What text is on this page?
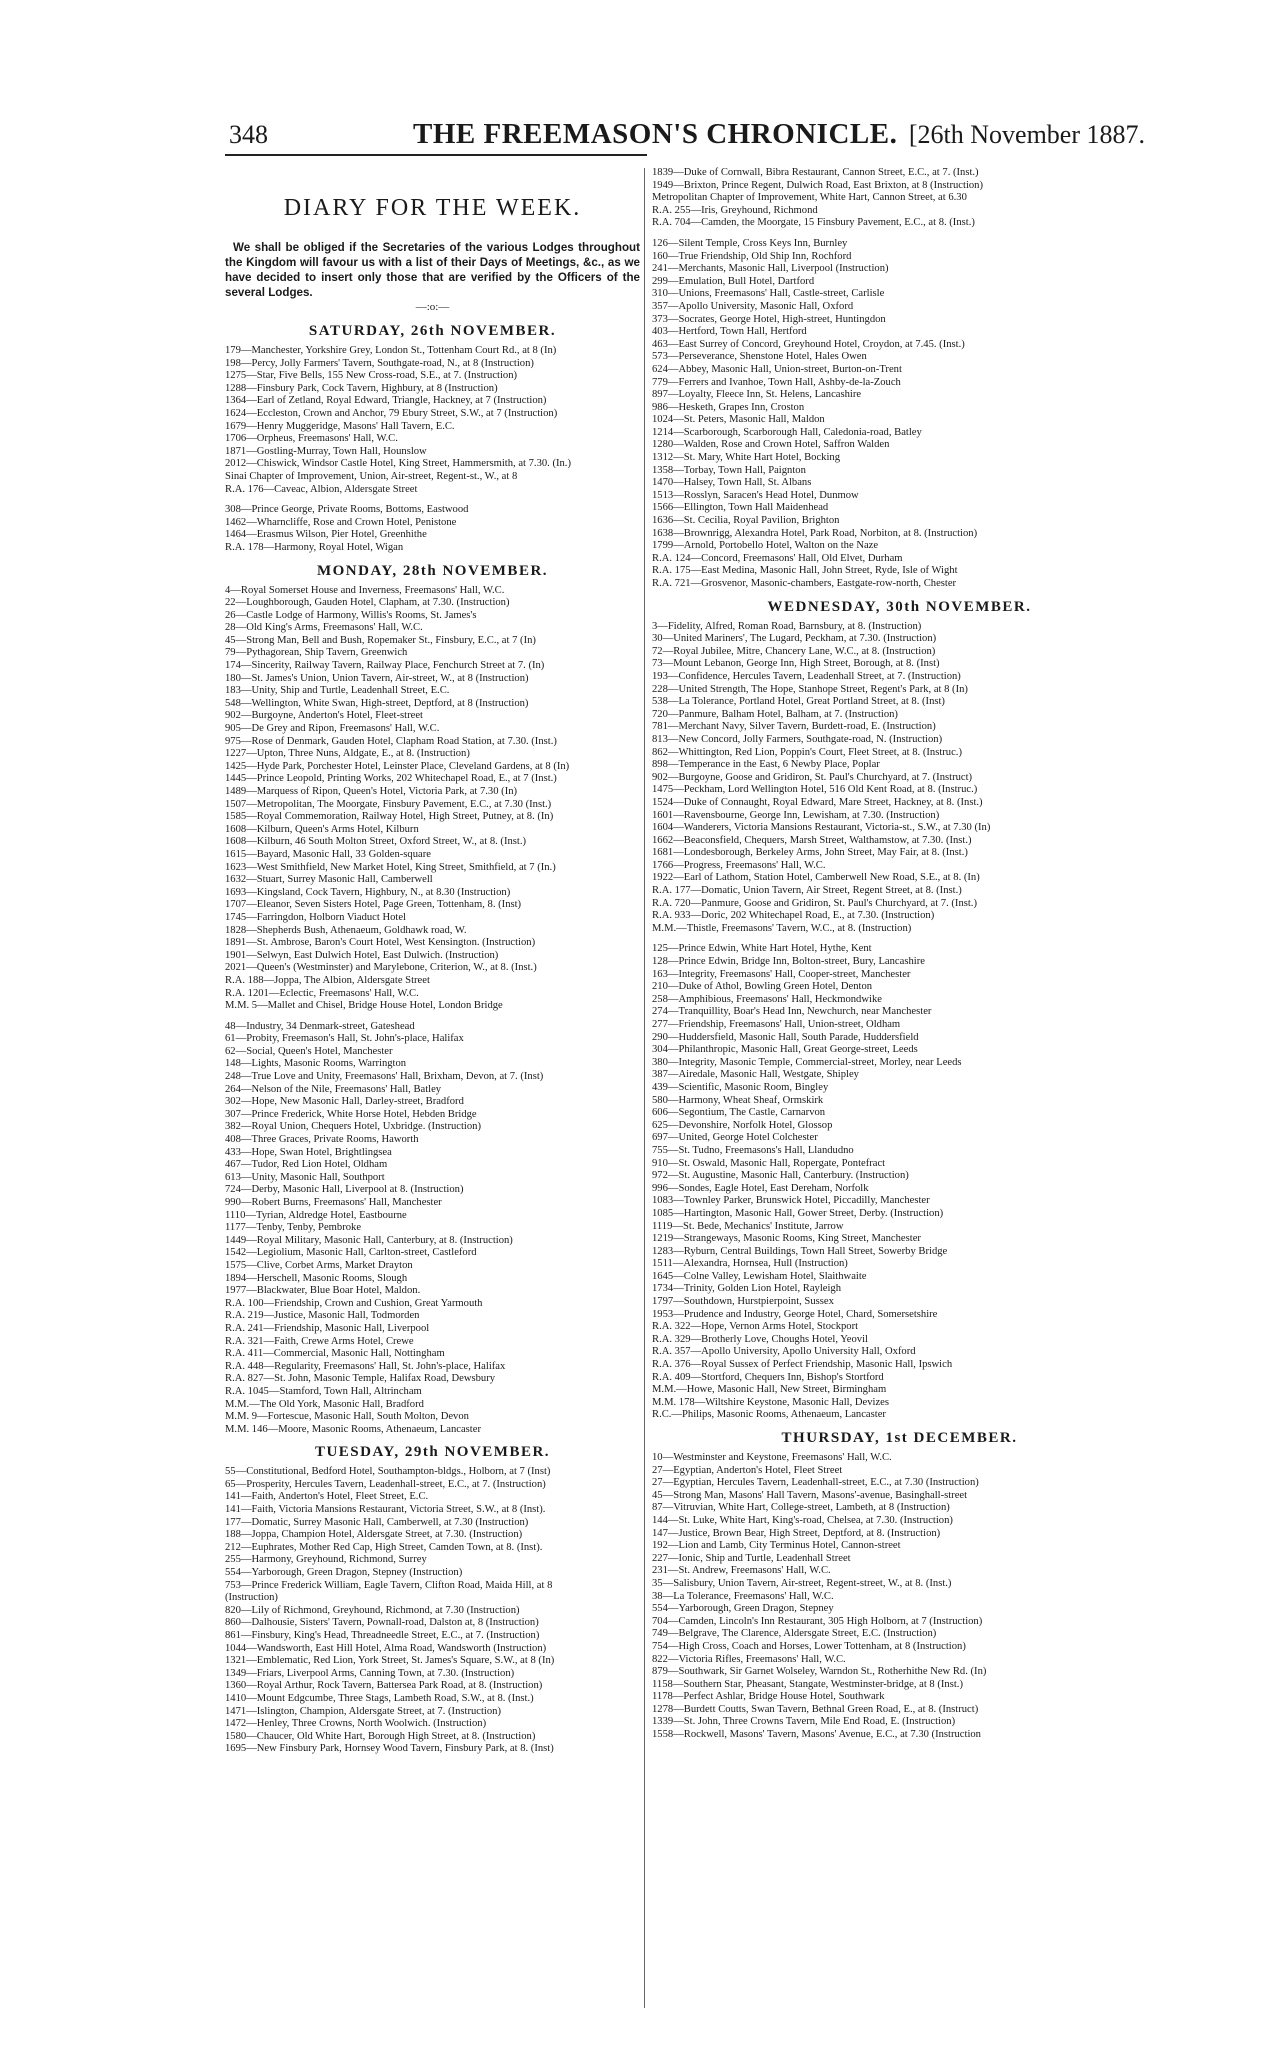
348	THE FREEMASON'S CHRONICLE. [26th November 1887.
DIARY FOR THE WEEK.

We shall be obliged if the Secretaries of the various Lodges throughout the Kingdom will favour us with a list of their Days of Meetings, &c., as we have decided to insert only those that are verified by the Officers of the several Lodges.

—:o:—
SATURDAY, 26th NOVEMBER.
179—Manchester, Yorkshire Grey, London St., Tottenham Court Rd., at 8 (In)
198—Percy, Jolly Farmers' Tavern, Southgate-road, N., at 8 (Instruction)
1275—Star, Five Bells, 155 New Cross-road, S.E., at 7. (Instruction)
1288—Finsbury Park, Cock Tavern, Highbury, at 8 (Instruction)
1364—Earl of Zetland, Royal Edward, Triangle, Hackney, at 7 (Instruction)
1624—Eccleston, Crown and Anchor, 79 Ebury Street, S.W., at 7 (Instruction)
1679—Henry Muggeridge, Masons' Hall Tavern, E.C.
1706—Orpheus, Freemasons' Hall, W.C.
1871—Gostling-Murray, Town Hall, Hounslow
2012—Chiswick, Windsor Castle Hotel, King Street, Hammersmith, at 7.30. (In.)
Sinai Chapter of Improvement, Union, Air-street, Regent-st., W., at 8
R.A. 176—Caveac, Albion, Aldersgate Street
308—Prince George, Private Rooms, Bottoms, Eastwood
1462—Wharncliffe, Rose and Crown Hotel, Penistone
1464—Erasmus Wilson, Pier Hotel, Greenhithe
R.A. 178—Harmony, Royal Hotel, Wigan
MONDAY, 28th NOVEMBER.
4—Royal Somerset House and Inverness, Freemasons' Hall, W.C.
22—Loughborough, Gauden Hotel, Clapham, at 7.30. (Instruction)
26—Castle Lodge of Harmony, Willis's Rooms, St. James's
28—Old King's Arms, Freemasons' Hall, W.C.
45—Strong Man, Bell and Bush, Ropemaker St., Finsbury, E.C., at 7 (In)
79—Pythagorean, Ship Tavern, Greenwich
174—Sincerity, Railway Tavern, Railway Place, Fenchurch Street at 7. (In)
180—St. James's Union, Union Tavern, Air-street, W., at 8 (Instruction)
183—Unity, Ship and Turtle, Leadenhall Street, E.C.
548—Wellington, White Swan, High-street, Deptford, at 8 (Instruction)
902—Burgoyne, Anderton's Hotel, Fleet-street
905—De Grey and Ripon, Freemasons' Hall, W.C.
975—Rose of Denmark, Gauden Hotel, Clapham Road Station, at 7.30. (Inst.)
1227—Upton, Three Nuns, Aldgate, E., at 8. (Instruction)
1425—Hyde Park, Porchester Hotel, Leinster Place, Cleveland Gardens, at 8 (In)
1445—Prince Leopold, Printing Works, 202 Whitechapel Road, E., at 7 (Inst.)
1489—Marquess of Ripon, Queen's Hotel, Victoria Park, at 7.30 (In)
1507—Metropolitan, The Moorgate, Finsbury Pavement, E.C., at 7.30 (Inst.)
1585—Royal Commemoration, Railway Hotel, High Street, Putney, at 8. (In)
1608—Kilburn, Queen's Arms Hotel, Kilburn
1608—Kilburn, 46 South Molton Street, Oxford Street, W., at 8. (Inst.)
1615—Bayard, Masonic Hall, 33 Golden-square
1623—West Smithfield, New Market Hotel, King Street, Smithfield, at 7 (In.)
1632—Stuart, Surrey Masonic Hall, Camberwell
1693—Kingsland, Cock Tavern, Highbury, N., at 8.30 (Instruction)
1707—Eleanor, Seven Sisters Hotel, Page Green, Tottenham, 8. (Inst)
1745—Farringdon, Holborn Viaduct Hotel
1828—Shepherds Bush, Athenaeum, Goldhawk road, W.
1891—St. Ambrose, Baron's Court Hotel, West Kensington. (Instruction)
1901—Selwyn, East Dulwich Hotel, East Dulwich. (Instruction)
2021—Queen's (Westminster) and Marylebone, Criterion, W., at 8. (Inst.)
R.A. 188—Joppa, The Albion, Aldersgate Street
R.A. 1201—Eclectic, Freemasons' Hall, W.C.
M.M. 5—Mallet and Chisel, Bridge House Hotel, London Bridge
48—Industry, 34 Denmark-street, Gateshead
61—Probity, Freemason's Hall, St. John's-place, Halifax
62—Social, Queen's Hotel, Manchester
148—Lights, Masonic Rooms, Warrington
248—True Love and Unity, Freemasons' Hall, Brixham, Devon, at 7. (Inst)
264—Nelson of the Nile, Freemasons' Hall, Batley
302—Hope, New Masonic Hall, Darley-street, Bradford
307—Prince Frederick, White Horse Hotel, Hebden Bridge
382—Royal Union, Chequers Hotel, Uxbridge. (Instruction)
408—Three Graces, Private Rooms, Haworth
433—Hope, Swan Hotel, Brightlingsea
467—Tudor, Red Lion Hotel, Oldham
613—Unity, Masonic Hall, Southport
724—Derby, Masonic Hall, Liverpool at 8. (Instruction)
990—Robert Burns, Freemasons' Hall, Manchester
1110—Tyrian, Aldredge Hotel, Eastbourne
1177—Tenby, Tenby, Pembroke
1449—Royal Military, Masonic Hall, Canterbury, at 8. (Instruction)
1542—Legiolium, Masonic Hall, Carlton-street, Castleford
1575—Clive, Corbet Arms, Market Drayton
1894—Herschell, Masonic Rooms, Slough
1977—Blackwater, Blue Boar Hotel, Maldon.
R.A. 100—Friendship, Crown and Cushion, Great Yarmouth
R.A. 219—Justice, Masonic Hall, Todmorden
R.A. 241—Friendship, Masonic Hall, Liverpool
R.A. 321—Faith, Crewe Arms Hotel, Crewe
R.A. 411—Commercial, Masonic Hall, Nottingham
R.A. 448—Regularity, Freemasons' Hall, St. John's-place, Halifax
R.A. 827—St. John, Masonic Temple, Halifax Road, Dewsbury
R.A. 1045—Stamford, Town Hall, Altrincham
M.M.—The Old York, Masonic Hall, Bradford
M.M. 9—Fortescue, Masonic Hall, South Molton, Devon
M.M. 146—Moore, Masonic Rooms, Athenaeum, Lancaster
TUESDAY, 29th NOVEMBER.
55—Constitutional, Bedford Hotel, Southampton-bldgs., Holborn, at 7 (Inst)
65—Prosperity, Hercules Tavern, Leadenhall-street, E.C., at 7. (Instruction)
141—Faith, Anderton's Hotel, Fleet Street, E.C.
141—Faith, Victoria Mansions Restaurant, Victoria Street, S.W., at 8 (Inst).
177—Domatic, Surrey Masonic Hall, Camberwell, at 7.30 (Instruction)
188—Joppa, Champion Hotel, Aldersgate Street, at 7.30. (Instruction)
212—Euphrates, Mother Red Cap, High Street, Camden Town, at 8. (Inst).
255—Harmony, Greyhound, Richmond, Surrey
554—Yarborough, Green Dragon, Stepney (Instruction)
753—Prince Frederick William, Eagle Tavern, Clifton Road, Maida Hill, at 8
(Instruction)
820—Lily of Richmond, Greyhound, Richmond, at 7.30 (Instruction)
860—Dalhousie, Sisters' Tavern, Pownall-road, Dalston at, 8 (Instruction)
861—Finsbury, King's Head, Threadneedle Street, E.C., at 7. (Instruction)
1044—Wandsworth, East Hill Hotel, Alma Road, Wandsworth (Instruction)
1321—Emblematic, Red Lion, York Street, St. James's Square, S.W., at 8 (In)
1349—Friars, Liverpool Arms, Canning Town, at 7.30. (Instruction)
1360—Royal Arthur, Rock Tavern, Battersea Park Road, at 8. (Instruction)
1410—Mount Edgcumbe, Three Stags, Lambeth Road, S.W., at 8. (Inst.)
1471—Islington, Champion, Aldersgate Street, at 7. (Instruction)
1472—Henley, Three Crowns, North Woolwich. (Instruction)
1580—Chaucer, Old White Hart, Borough High Street, at 8. (Instruction)
1695—New Finsbury Park, Hornsey Wood Tavern, Finsbury Park, at 8. (Inst)
1839—Duke of Cornwall, Bibra Restaurant, Cannon Street, E.C., at 7. (Inst.)
1949—Brixton, Prince Regent, Dulwich Road, East Brixton, at 8 (Instruction)
Metropolitan Chapter of Improvement, White Hart, Cannon Street, at 6.30
R.A. 255—Iris, Greyhound, Richmond
R.A. 704—Camden, the Moorgate, 15 Finsbury Pavement, E.C., at 8. (Inst.)
126—Silent Temple, Cross Keys Inn, Burnley
160—True Friendship, Old Ship Inn, Rochford
241—Merchants, Masonic Hall, Liverpool (Instruction)
299—Emulation, Bull Hotel, Dartford
310—Unions, Freemasons' Hall, Castle-street, Carlisle
357—Apollo University, Masonic Hall, Oxford
373—Socrates, George Hotel, High-street, Huntingdon
403—Hertford, Town Hall, Hertford
463—East Surrey of Concord, Greyhound Hotel, Croydon, at 7.45. (Inst.)
573—Perseverance, Shenstone Hotel, Hales Owen
624—Abbey, Masonic Hall, Union-street, Burton-on-Trent
779—Ferrers and Ivanhoe, Town Hall, Ashby-de-la-Zouch
897—Loyalty, Fleece Inn, St. Helens, Lancashire
986—Hesketh, Grapes Inn, Croston
1024—St. Peters, Masonic Hall, Maldon
1214—Scarborough, Scarborough Hall, Caledonia-road, Batley
1280—Walden, Rose and Crown Hotel, Saffron Walden
1312—St. Mary, White Hart Hotel, Bocking
1358—Torbay, Town Hall, Paignton
1470—Halsey, Town Hall, St. Albans
1513—Rosslyn, Saracen's Head Hotel, Dunmow
1566—Ellington, Town Hall Maidenhead
1636—St. Cecilia, Royal Pavilion, Brighton
1638—Brownrigg, Alexandra Hotel, Park Road, Norbiton, at 8. (Instruction)
1799—Arnold, Portobello Hotel, Walton on the Naze
R.A. 124—Concord, Freemasons' Hall, Old Elvet, Durham
R.A. 175—East Medina, Masonic Hall, John Street, Ryde, Isle of Wight
R.A. 721—Grosvenor, Masonic-chambers, Eastgate-row-north, Chester
WEDNESDAY, 30th NOVEMBER.
3—Fidelity, Alfred, Roman Road, Barnsbury, at 8. (Instruction)
30—United Mariners', The Lugard, Peckham, at 7.30. (Instruction)
72—Royal Jubilee, Mitre, Chancery Lane, W.C., at 8. (Instruction)
73—Mount Lebanon, George Inn, High Street, Borough, at 8. (Inst)
193—Confidence, Hercules Tavern, Leadenhall Street, at 7. (Instruction)
228—United Strength, The Hope, Stanhope Street, Regent's Park, at 8 (In)
538—La Tolerance, Portland Hotel, Great Portland Street, at 8. (Inst)
720—Panmure, Balham Hotel, Balham, at 7. (Instruction)
781—Merchant Navy, Silver Tavern, Burdett-road, E. (Instruction)
813—New Concord, Jolly Farmers, Southgate-road, N. (Instruction)
862—Whittington, Red Lion, Poppin's Court, Fleet Street, at 8. (Instruc.)
898—Temperance in the East, 6 Newby Place, Poplar
902—Burgoyne, Goose and Gridiron, St. Paul's Churchyard, at 7. (Instruct)
1475—Peckham, Lord Wellington Hotel, 516 Old Kent Road, at 8. (Instruc.)
1524—Duke of Connaught, Royal Edward, Mare Street, Hackney, at 8. (Inst.)
1601—Ravensbourne, George Inn, Lewisham, at 7.30. (Instruction)
1604—Wanderers, Victoria Mansions Restaurant, Victoria-st., S.W., at 7.30 (In)
1662—Beaconsfield, Chequers, Marsh Street, Walthamstow, at 7.30. (Inst.)
1681—Londesborough, Berkeley Arms, John Street, May Fair, at 8. (Inst.)
1766—Progress, Freemasons' Hall, W.C.
1922—Earl of Lathom, Station Hotel, Camberwell New Road, S.E., at 8. (In)
R.A. 177—Domatic, Union Tavern, Air Street, Regent Street, at 8. (Inst.)
R.A. 720—Panmure, Goose and Gridiron, St. Paul's Churchyard, at 7. (Inst.)
R.A. 933—Doric, 202 Whitechapel Road, E., at 7.30. (Instruction)
M.M.—Thistle, Freemasons' Tavern, W.C., at 8. (Instruction)
125—Prince Edwin, White Hart Hotel, Hythe, Kent
128—Prince Edwin, Bridge Inn, Bolton-street, Bury, Lancashire
163—Integrity, Freemasons' Hall, Cooper-street, Manchester
210—Duke of Athol, Bowling Green Hotel, Denton
258—Amphibious, Freemasons' Hall, Heckmondwike
274—Tranquillity, Boar's Head Inn, Newchurch, near Manchester
277—Friendship, Freemasons' Hall, Union-street, Oldham
290—Huddersfield, Masonic Hall, South Parade, Huddersfield
304—Philanthropic, Masonic Hall, Great George-street, Leeds
380—Integrity, Masonic Temple, Commercial-street, Morley, near Leeds
387—Airedale, Masonic Hall, Westgate, Shipley
439—Scientific, Masonic Room, Bingley
580—Harmony, Wheat Sheaf, Ormskirk
606—Segontium, The Castle, Carnarvon
625—Devonshire, Norfolk Hotel, Glossop
697—United, George Hotel Colchester
755—St. Tudno, Freemasons's Hall, Llandudno
910—St. Oswald, Masonic Hall, Ropergate, Pontefract
972—St. Augustine, Masonic Hall, Canterbury. (Instruction)
996—Sondes, Eagle Hotel, East Dereham, Norfolk
1083—Townley Parker, Brunswick Hotel, Piccadilly, Manchester
1085—Hartington, Masonic Hall, Gower Street, Derby. (Instruction)
1119—St. Bede, Mechanics' Institute, Jarrow
1219—Strangeways, Masonic Rooms, King Street, Manchester
1283—Ryburn, Central Buildings, Town Hall Street, Sowerby Bridge
1511—Alexandra, Hornsea, Hull (Instruction)
1645—Colne Valley, Lewisham Hotel, Slaithwaite
1734—Trinity, Golden Lion Hotel, Rayleigh
1797—Southdown, Hurstpierpoint, Sussex
1953—Prudence and Industry, George Hotel, Chard, Somersetshire
R.A. 322—Hope, Vernon Arms Hotel, Stockport
R.A. 329—Brotherly Love, Choughs Hotel, Yeovil
R.A. 357—Apollo University, Apollo University Hall, Oxford
R.A. 376—Royal Sussex of Perfect Friendship, Masonic Hall, Ipswich
R.A. 409—Stortford, Chequers Inn, Bishop's Stortford
M.M.—Howe, Masonic Hall, New Street, Birmingham
M.M. 178—Wiltshire Keystone, Masonic Hall, Devizes
R.C.—Philips, Masonic Rooms, Athenaeum, Lancaster
THURSDAY, 1st DECEMBER.
10—Westminster and Keystone, Freemasons' Hall, W.C.
27—Egyptian, Anderton's Hotel, Fleet Street
27—Egyptian, Hercules Tavern, Leadenhall-street, E.C., at 7.30 (Instruction)
45—Strong Man, Masons' Hall Tavern, Masons'-avenue, Basinghall-street
87—Vitruvian, White Hart, College-street, Lambeth, at 8 (Instruction)
144—St. Luke, White Hart, King's-road, Chelsea, at 7.30. (Instruction)
147—Justice, Brown Bear, High Street, Deptford, at 8. (Instruction)
192—Lion and Lamb, City Terminus Hotel, Cannon-street
227—Ionic, Ship and Turtle, Leadenhall Street
231—St. Andrew, Freemasons' Hall, W.C.
35—Salisbury, Union Tavern, Air-street, Regent-street, W., at 8. (Inst.)
38—La Tolerance, Freemasons' Hall, W.C.
554—Yarborough, Green Dragon, Stepney
704—Camden, Lincoln's Inn Restaurant, 305 High Holborn, at 7 (Instruction)
749—Belgrave, The Clarence, Aldersgate Street, E.C. (Instruction)
754—High Cross, Coach and Horses, Lower Tottenham, at 8 (Instruction)
822—Victoria Rifles, Freemasons' Hall, W.C.
879—Southwark, Sir Garnet Wolseley, Warndon St., Rotherhithe New Rd. (In)
1158—Southern Star, Pheasant, Stangate, Westminster-bridge, at 8 (Inst.)
1178—Perfect Ashlar, Bridge House Hotel, Southwark
1278—Burdett Coutts, Swan Tavern, Bethnal Green Road, E., at 8. (Instruct)
1339—St. John, Three Crowns Tavern, Mile End Road, E. (Instruction)
1558—Rockwell, Masons' Tavern, Masons' Avenue, E.C., at 7.30 (Instruction
